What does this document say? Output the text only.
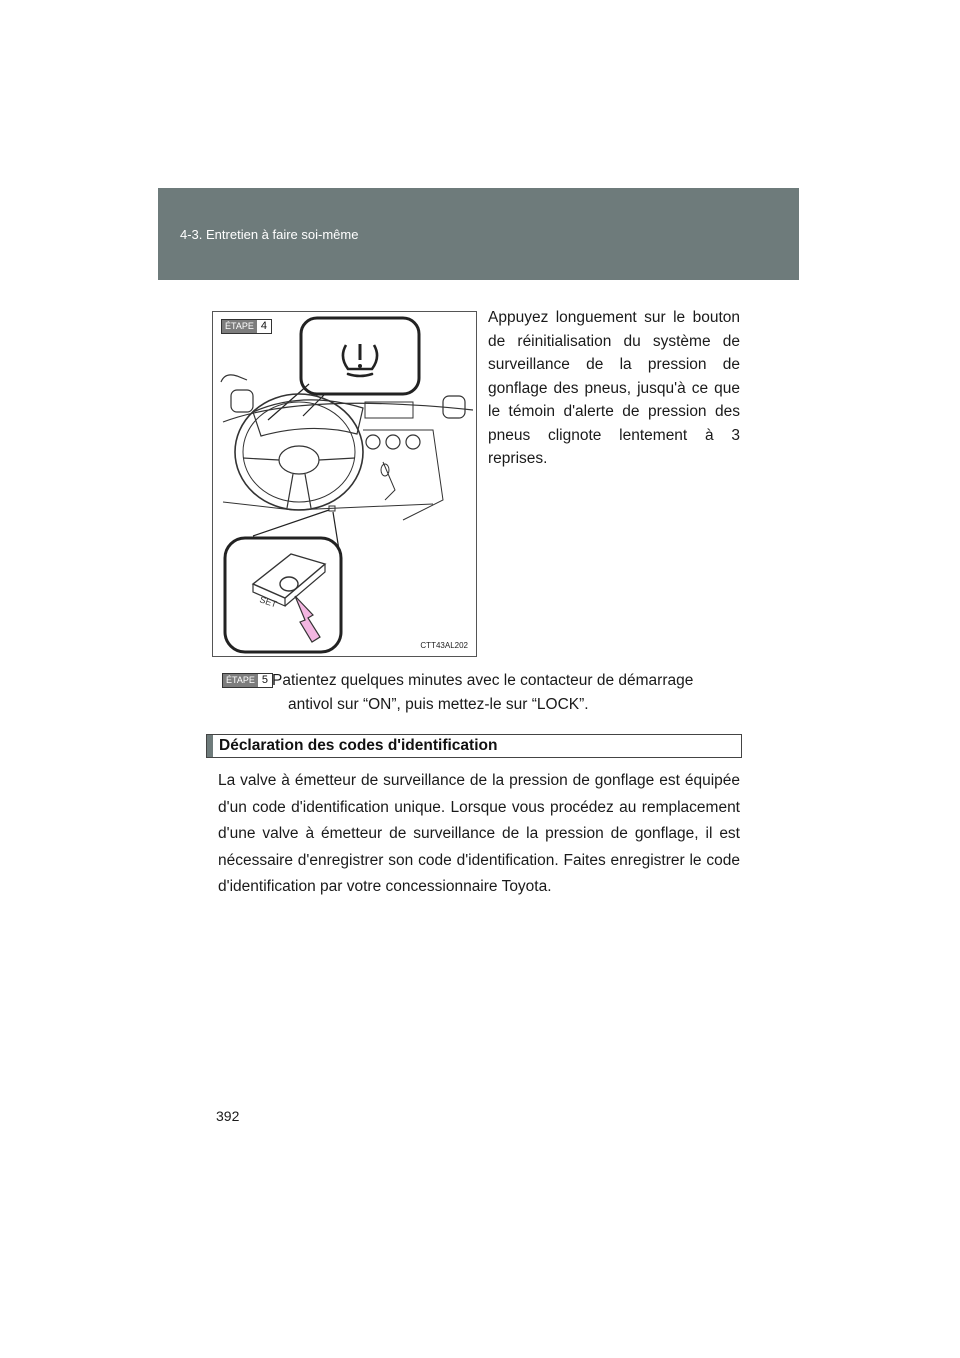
4-3. Entretien à faire soi-même
ÉTAPE 4
SET
CTT43AL202
Appuyez longuement sur le bouton de réinitialisation du système de surveillance de la pression de gonflage des pneus, jusqu'à ce que le témoin d'alerte de pression des pneus clignote lentement à 3 reprises.
ÉTAPE 5 Patientez quelques minutes avec le contacteur de démarrage
antivol sur “ON”, puis mettez-le sur “LOCK”.
Déclaration des codes d'identification
La valve à émetteur de surveillance de la pression de gonflage est équipée d'un code d'identification unique. Lorsque vous procédez au remplacement d'une valve à émetteur de surveillance de la pression de gonflage, il est nécessaire d'enregistrer son code d'identification. Faites enregistrer le code d'identification par votre concessionnaire Toyota.
392
